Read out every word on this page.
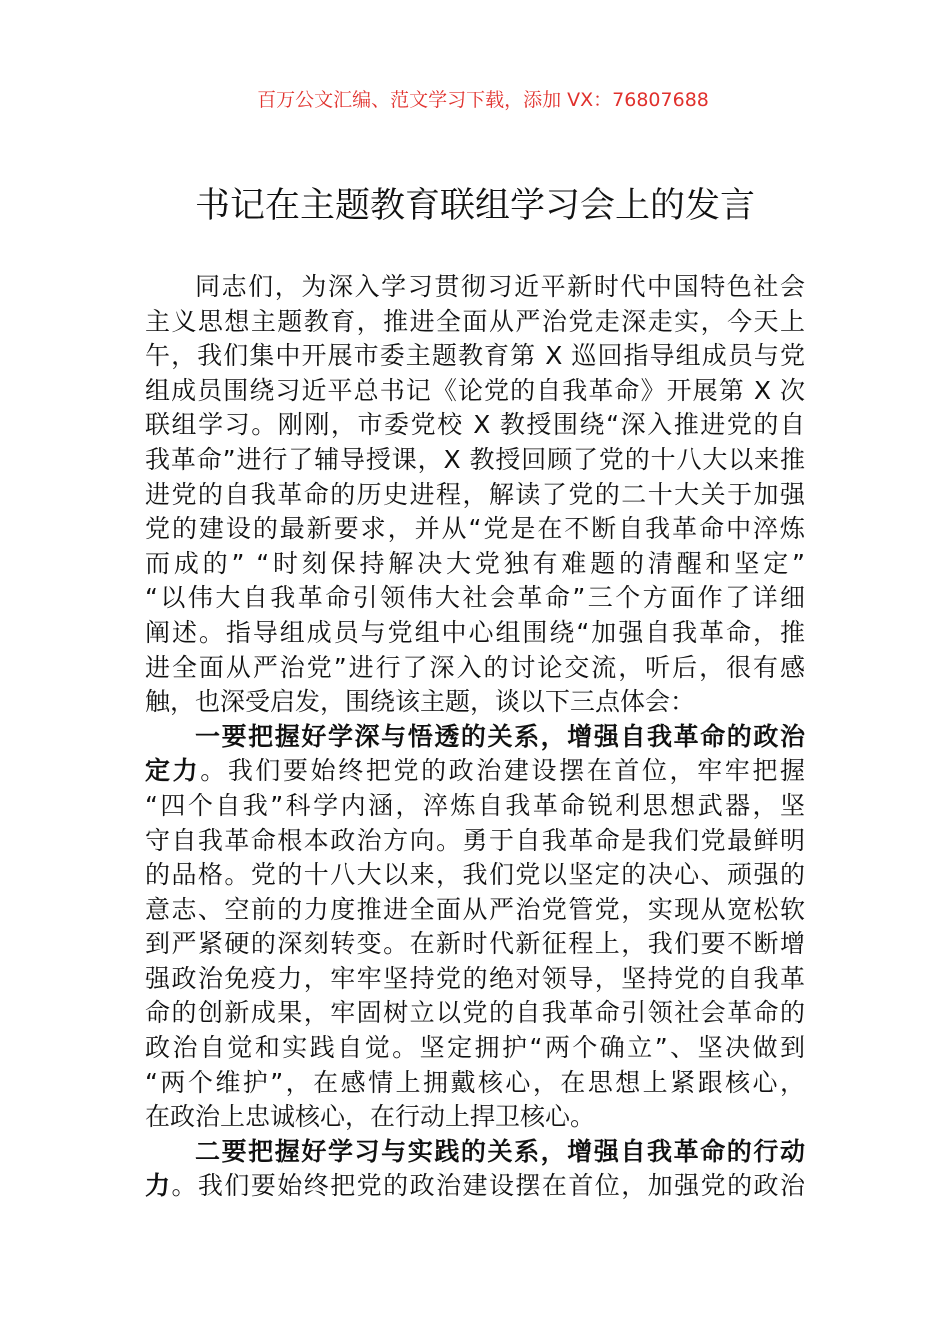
百万公文汇编、范文学习下载，添加 VX：76807688
书记在主题教育联组学习会上的发言
同志们，为深入学习贯彻习近平新时代中国特色社会
主义思想主题教育，推进全面从严治党走深走实，今天上
午，我们集中开展市委主题教育第 X 巡回指导组成员与党
组成员围绕习近平总书记《论党的自我革命》开展第 X 次
联组学习。刚刚，市委党校 X 教授围绕“深入推进党的自
我革命”进行了辅导授课，X 教授回顾了党的十八大以来推
进党的自我革命的历史进程，解读了党的二十大关于加强
党的建设的最新要求，并从“党是在不断自我革命中淬炼
而成的” “时刻保持解决大党独有难题的清醒和坚定”
“以伟大自我革命引领伟大社会革命”三个方面作了详细
阐述。指导组成员与党组中心组围绕“加强自我革命，推
进全面从严治党”进行了深入的讨论交流，听后，很有感
触，也深受启发，围绕该主题，谈以下三点体会：
一要把握好学深与悟透的关系，增强自我革命的政治
定力。我们要始终把党的政治建设摆在首位，牢牢把握
“四个自我”科学内涵，淬炼自我革命锐利思想武器，坚
守自我革命根本政治方向。勇于自我革命是我们党最鲜明
的品格。党的十八大以来，我们党以坚定的决心、顽强的
意志、空前的力度推进全面从严治党管党，实现从宽松软
到严紧硬的深刻转变。在新时代新征程上，我们要不断增
强政治免疫力，牢牢坚持党的绝对领导，坚持党的自我革
命的创新成果，牢固树立以党的自我革命引领社会革命的
政治自觉和实践自觉。坚定拥护“两个确立”、坚决做到
“两个维护”，在感情上拥戴核心，在思想上紧跟核心，
在政治上忠诚核心，在行动上捍卫核心。
二要把握好学习与实践的关系，增强自我革命的行动
力。我们要始终把党的政治建设摆在首位，加强党的政治
